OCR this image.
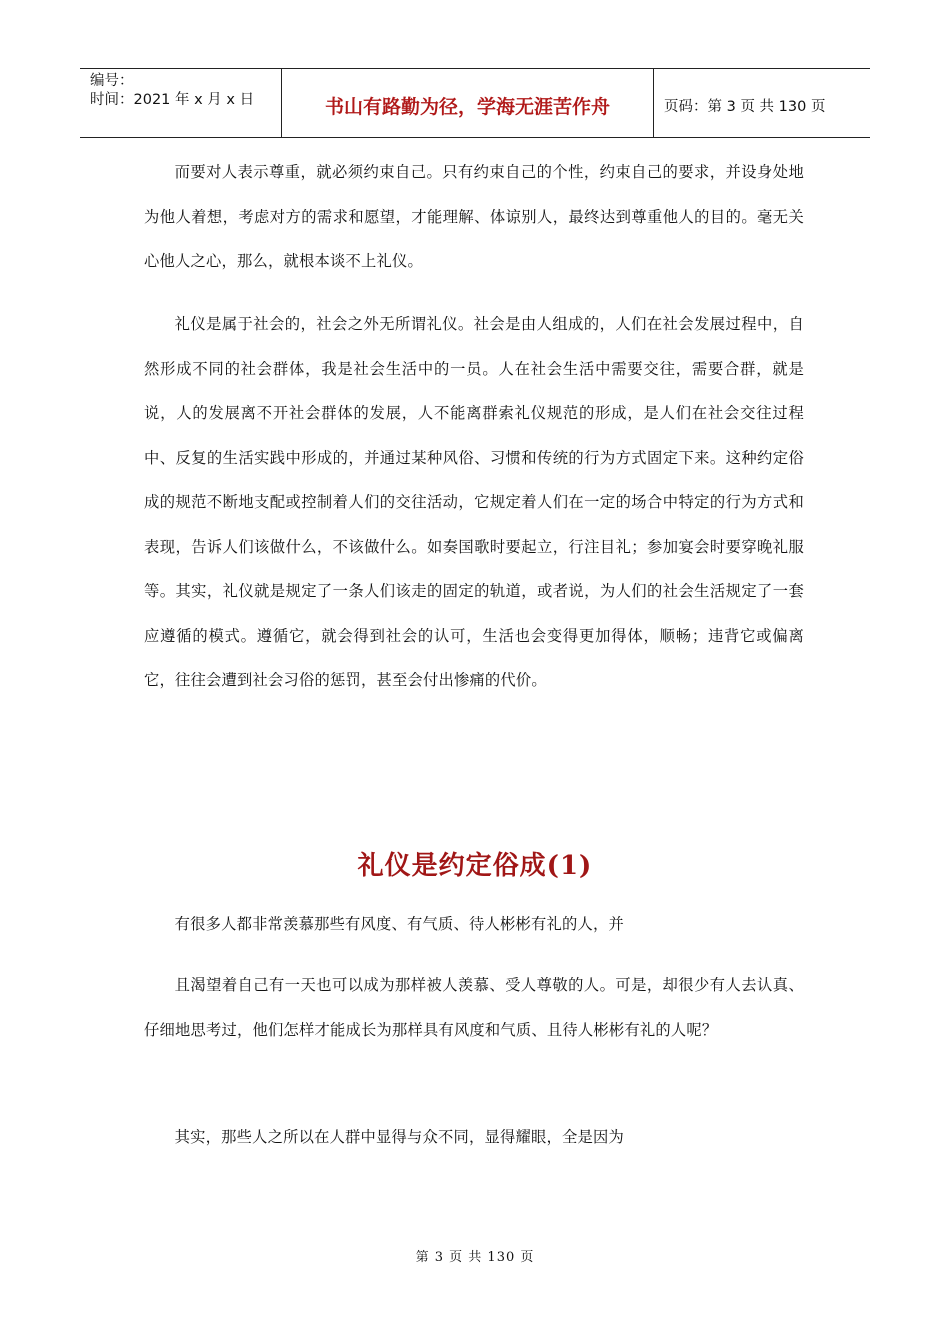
编号：
时间：2021 年 x 月 x 日	书山有路勤为径，学海无涯苦作舟	页码：第 3 页 共 130 页

而要对人表示尊重，就必须约束自己。只有约束自己的个性，约束自己的要求，并设身处地为他人着想，考虑对方的需求和愿望，才能理解、体谅别人，最终达到尊重他人的目的。毫无关心他人之心，那么，就根本谈不上礼仪。

礼仪是属于社会的，社会之外无所谓礼仪。社会是由人组成的，人们在社会发展过程中，自然形成不同的社会群体，我是社会生活中的一员。人在社会生活中需要交往，需要合群，就是说，人的发展离不开社会群体的发展，人不能离群索礼仪规范的形成，是人们在社会交往过程中、反复的生活实践中形成的，并通过某种风俗、习惯和传统的行为方式固定下来。这种约定俗成的规范不断地支配或控制着人们的交往活动，它规定着人们在一定的场合中特定的行为方式和表现，告诉人们该做什么，不该做什么。如奏国歌时要起立，行注目礼；参加宴会时要穿晚礼服等。其实，礼仪就是规定了一条人们该走的固定的轨道，或者说，为人们的社会生活规定了一套应遵循的模式。遵循它，就会得到社会的认可，生活也会变得更加得体，顺畅；违背它或偏离它，往往会遭到社会习俗的惩罚，甚至会付出惨痛的代价。

礼仪是约定俗成(1)

有很多人都非常羡慕那些有风度、有气质、待人彬彬有礼的人，并

且渴望着自己有一天也可以成为那样被人羡慕、受人尊敬的人。可是，却很少有人去认真、仔细地思考过，他们怎样才能成长为那样具有风度和气质、且待人彬彬有礼的人呢？

其实，那些人之所以在人群中显得与众不同，显得耀眼，全是因为

第 3 页 共 130 页
